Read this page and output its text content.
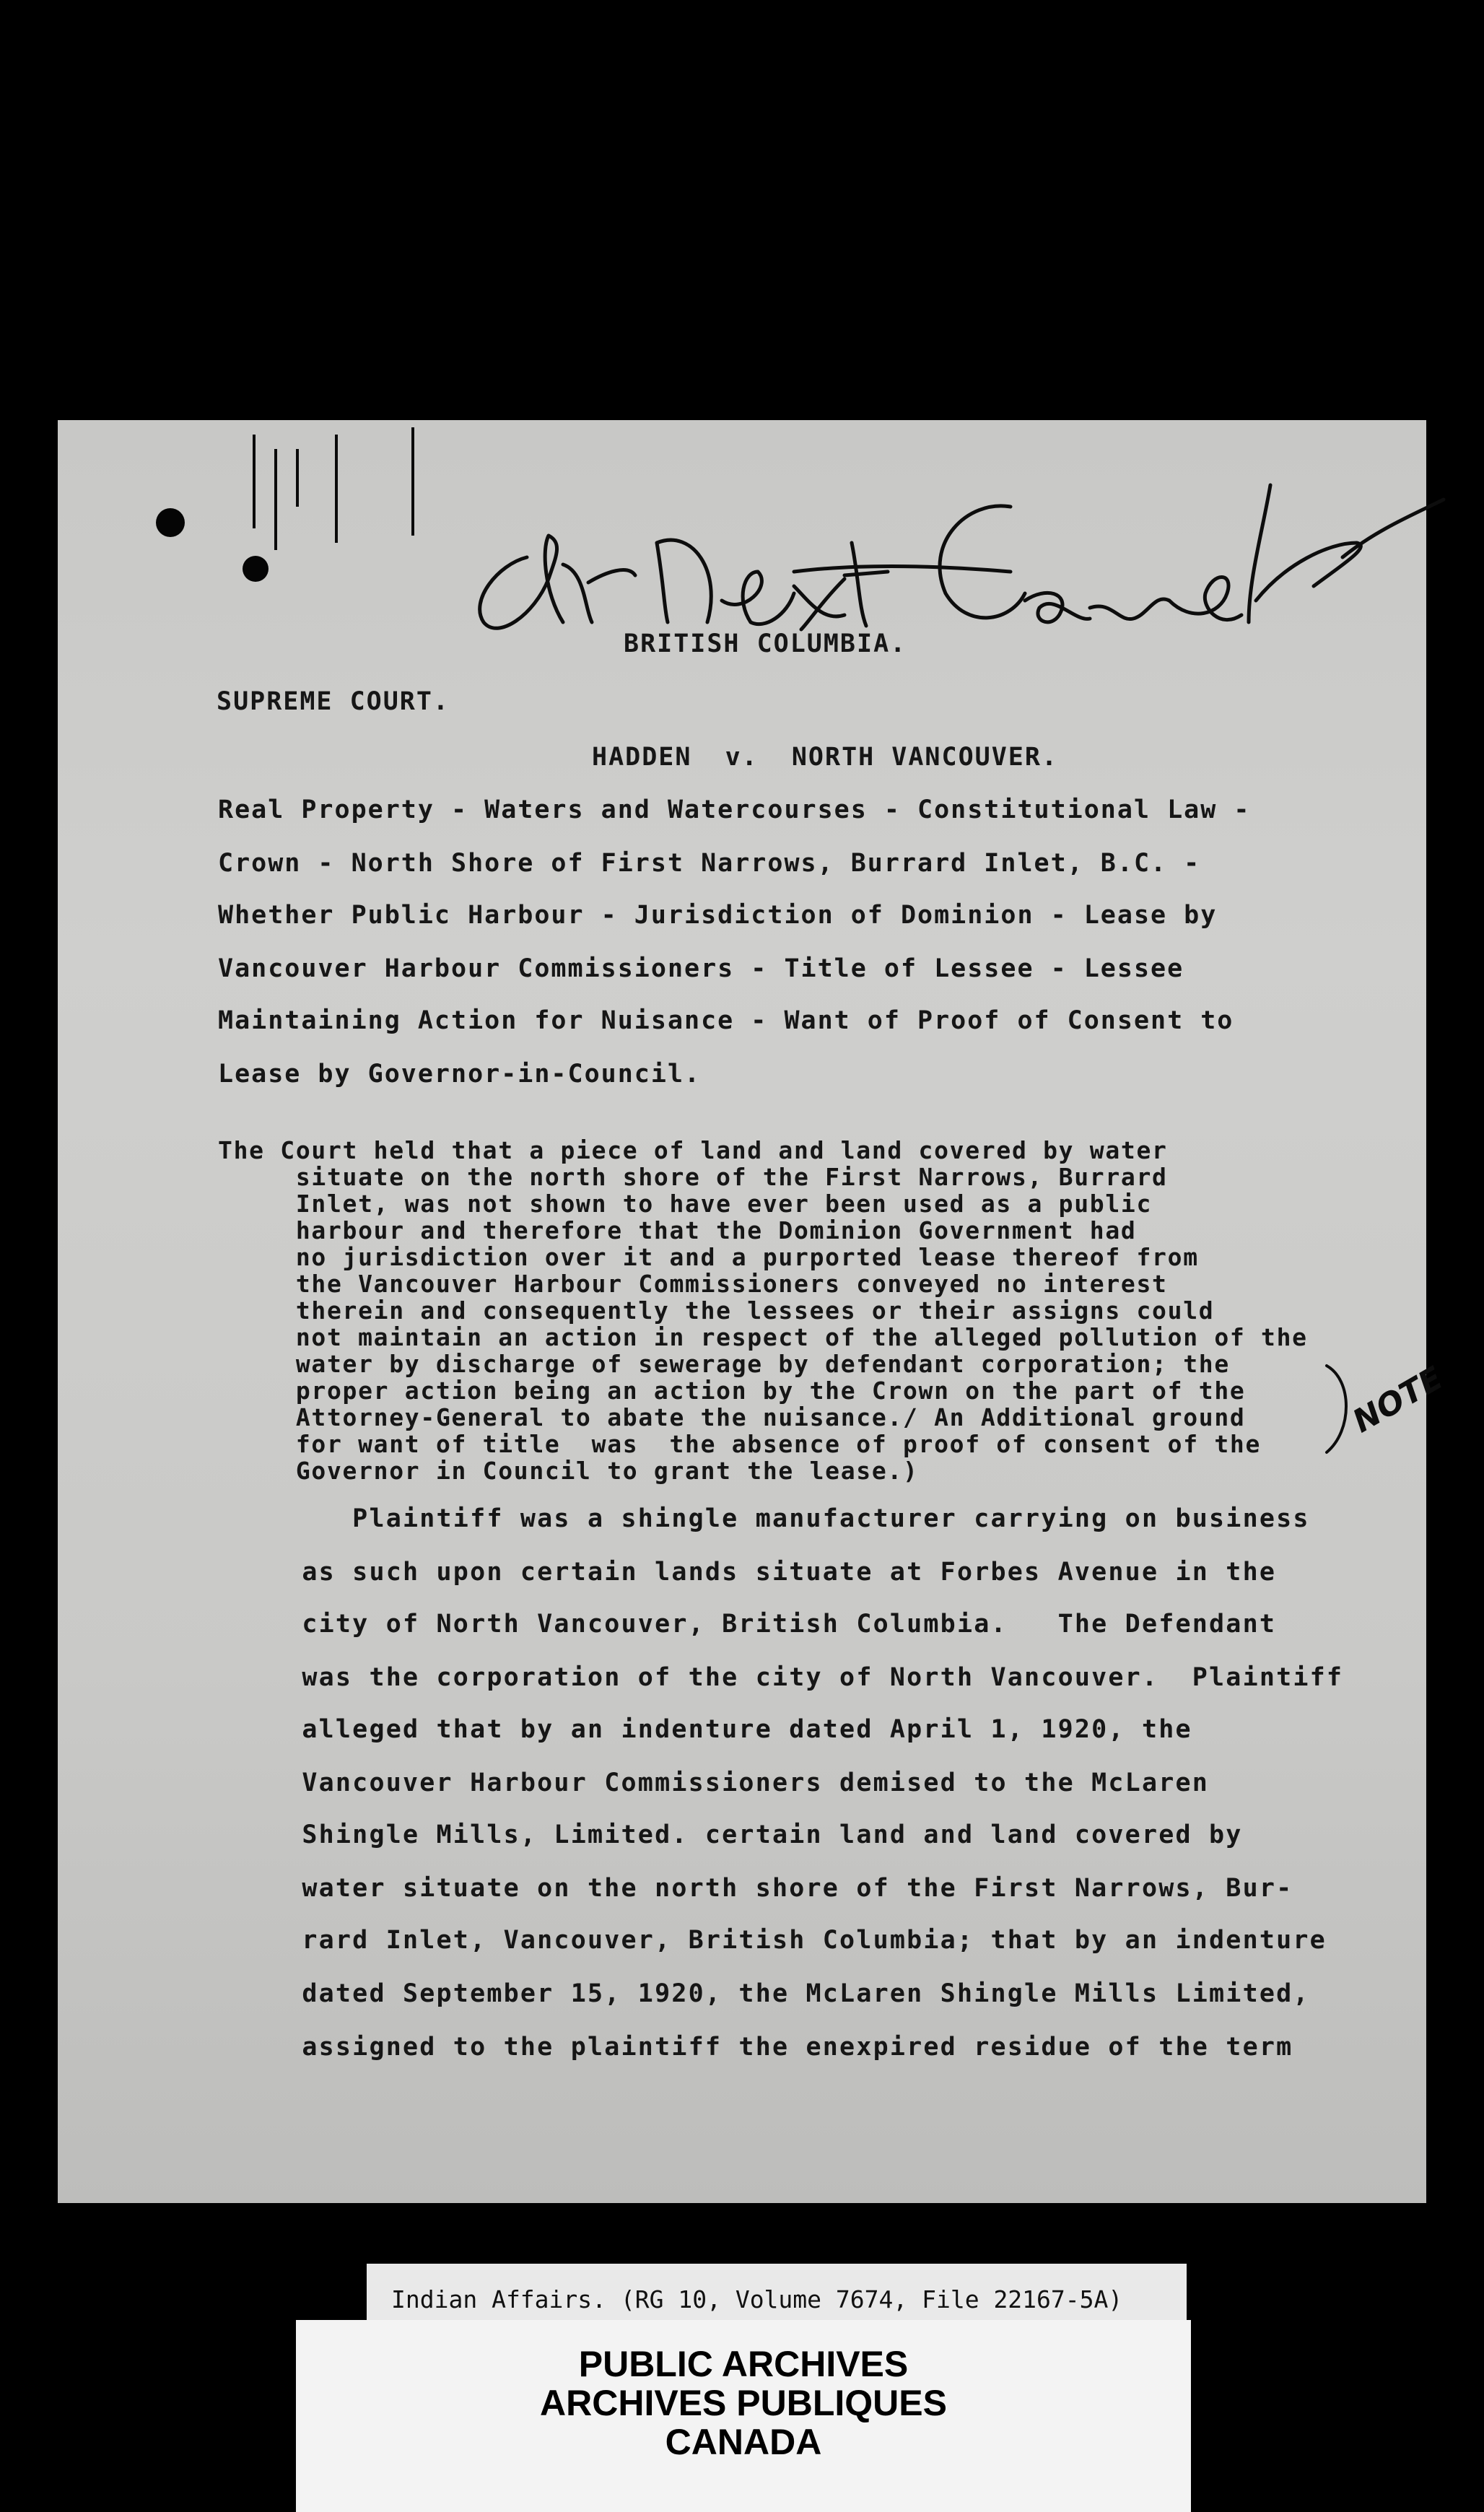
BRITISH COLUMBIA.
SUPREME COURT.
HADDEN  v.  NORTH VANCOUVER.
Real Property - Waters and Watercourses - Constitutional Law -
Crown - North Shore of First Narrows, Burrard Inlet, B.C. -
Whether Public Harbour - Jurisdiction of Dominion - Lease by
Vancouver Harbour Commissioners - Title of Lessee - Lessee
Maintaining Action for Nuisance - Want of Proof of Consent to
Lease by Governor-in-Council.
The Court held that a piece of land and land covered by water
situate on the north shore of the First Narrows, Burrard
Inlet, was not shown to have ever been used as a public
harbour and therefore that the Dominion Government had
no jurisdiction over it and a purported lease thereof from
the Vancouver Harbour Commissioners conveyed no interest
therein and consequently the lessees or their assigns could
not maintain an action in respect of the alleged pollution of the
water by discharge of sewerage by defendant corporation; the
proper action being an action by the Crown on the part of the
Attorney-General to abate the nuisance./ An Additional ground
for want of title  was  the absence of proof of consent of the
Governor in Council to grant the lease.)
NOTE
Plaintiff was a shingle manufacturer carrying on business
as such upon certain lands situate at Forbes Avenue in the
city of North Vancouver, British Columbia.   The Defendant
was the corporation of the city of North Vancouver.  Plaintiff
alleged that by an indenture dated April 1, 1920, the
Vancouver Harbour Commissioners demised to the McLaren
Shingle Mills, Limited. certain land and land covered by
water situate on the north shore of the First Narrows, Bur-
rard Inlet, Vancouver, British Columbia; that by an indenture
dated September 15, 1920, the McLaren Shingle Mills Limited,
assigned to the plaintiff the enexpired residue of the term
Indian Affairs. (RG 10, Volume 7674, File 22167-5A)
PUBLIC ARCHIVES
ARCHIVES PUBLIQUES
CANADA
